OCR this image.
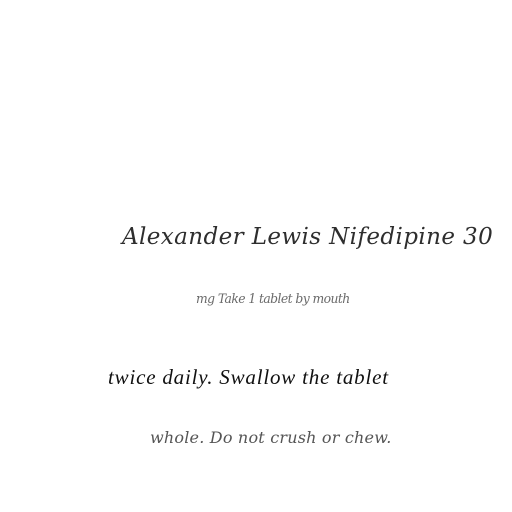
Alexander Lewis Nifedipine 30
mg Take 1 tablet by mouth
twice daily. Swallow the tablet
whole. Do not crush or chew.
